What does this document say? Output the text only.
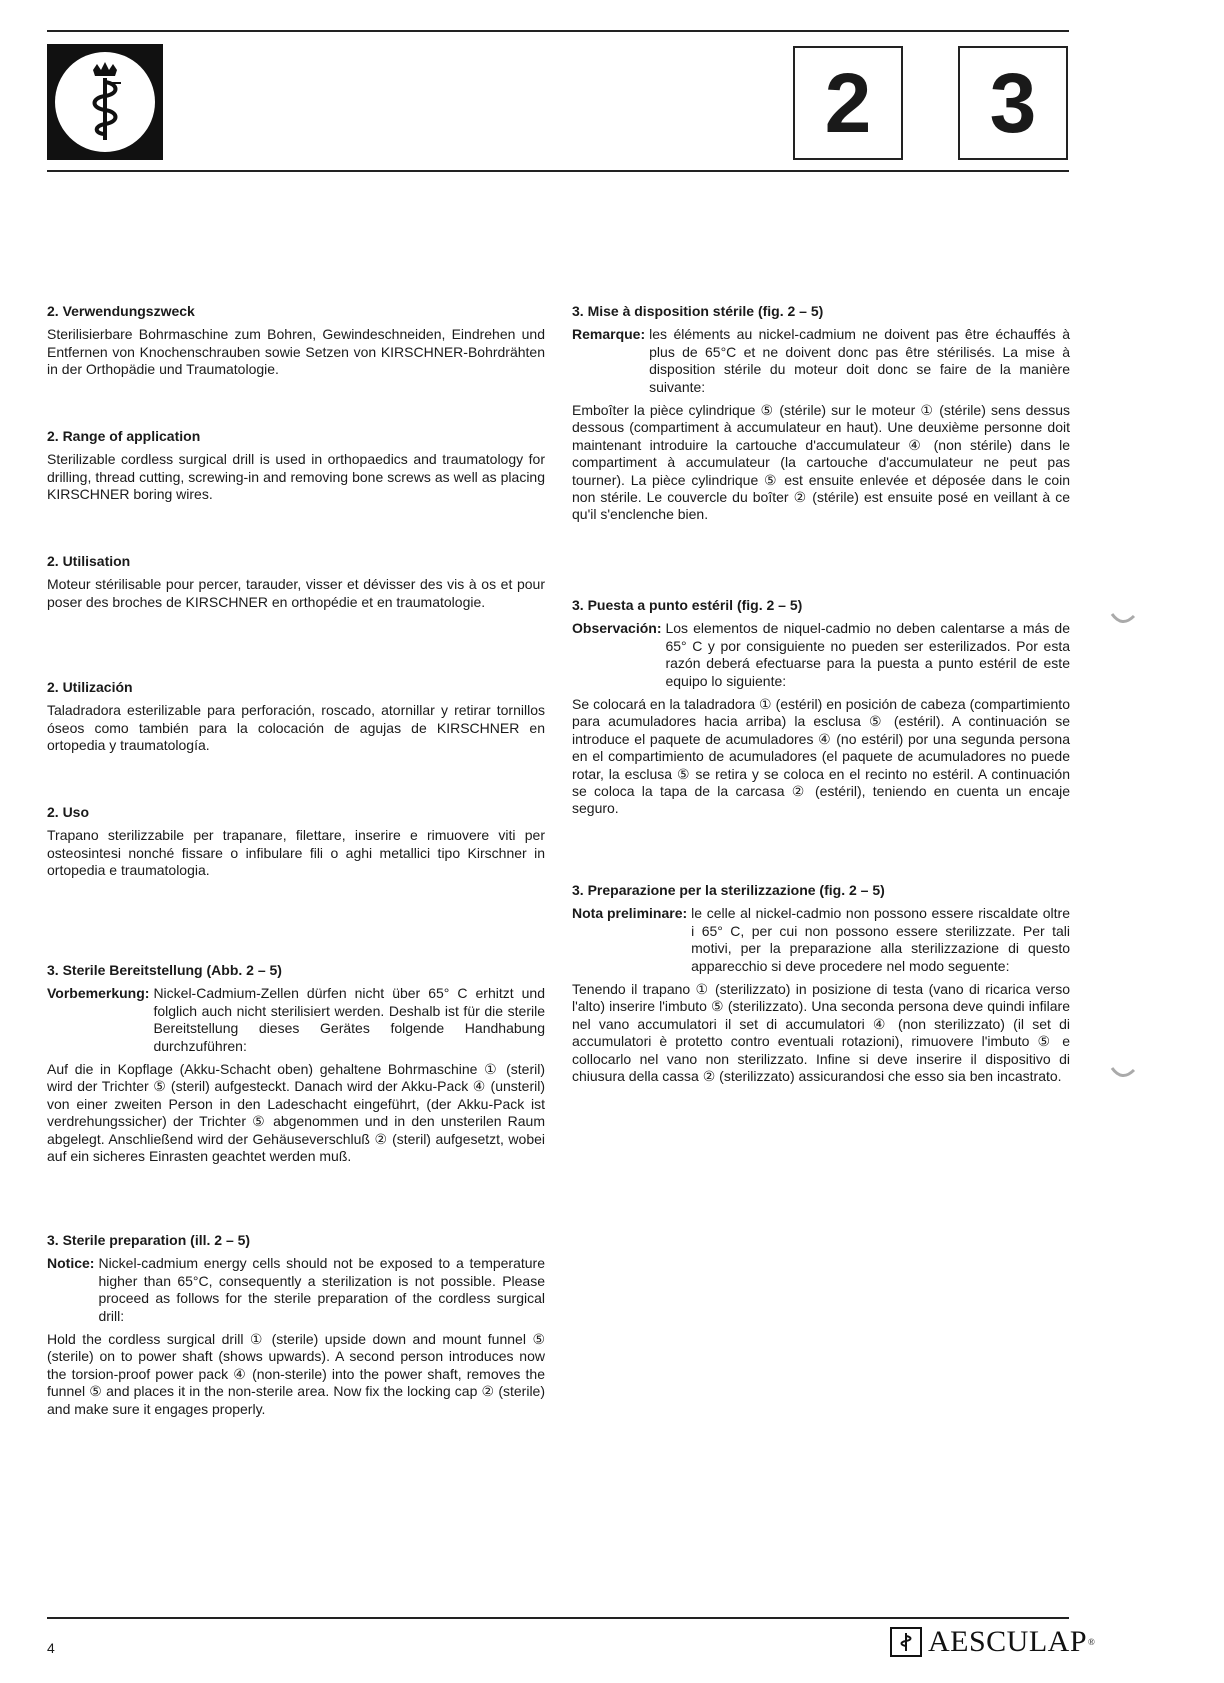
2	3
2. Verwendungszweck

Sterilisierbare Bohrmaschine zum Bohren, Gewindeschneiden, Eindrehen und Entfernen von Knochenschrauben sowie Setzen von KIRSCHNER-Bohrdrähten in der Orthopädie und Traumatologie.

2. Range of application

Sterilizable cordless surgical drill is used in orthopaedics and traumatology for drilling, thread cutting, screwing-in and removing bone screws as well as placing KIRSCHNER boring wires.

2. Utilisation

Moteur stérilisable pour percer, tarauder, visser et dévisser des vis à os et pour poser des broches de KIRSCHNER en orthopédie et en traumatologie.

2. Utilización

Taladradora esterilizable para perforación, roscado, atornillar y retirar tornillos óseos como también para la colocación de agujas de KIRSCHNER en ortopedia y traumatología.

2. Uso

Trapano sterilizzabile per trapanare, filettare, inserire e rimuovere viti per osteosintesi nonché fissare o infibulare fili o aghi metallici tipo Kirschner in ortopedia e traumatologia.

3. Sterile Bereitstellung (Abb. 2 – 5)
Vorbemerkung: Nickel-Cadmium-Zellen dürfen nicht über 65° C erhitzt und folglich auch nicht sterilisiert werden. Deshalb ist für die sterile Bereitstellung dieses Gerätes folgende Handhabung durchzuführen:

Auf die in Kopflage (Akku-Schacht oben) gehaltene Bohrmaschine ① (steril) wird der Trichter ⑤ (steril) aufgesteckt. Danach wird der Akku-Pack ④ (unsteril) von einer zweiten Person in den Ladeschacht eingeführt, (der Akku-Pack ist verdrehungssicher) der Trichter ⑤ abgenommen und in den unsterilen Raum abgelegt. Anschließend wird der Gehäuseverschluß ② (steril) aufgesetzt, wobei auf ein sicheres Einrasten geachtet werden muß.

3. Sterile preparation (ill. 2 – 5)
Notice: Nickel-cadmium energy cells should not be exposed to a temperature higher than 65°C, consequently a sterilization is not possible. Please proceed as follows for the sterile preparation of the cordless surgical drill:

Hold the cordless surgical drill ① (sterile) upside down and mount funnel ⑤ (sterile) on to power shaft (shows upwards). A second person introduces now the torsion-proof power pack ④ (non-sterile) into the power shaft, removes the funnel ⑤ and places it in the non-sterile area. Now fix the locking cap ② (sterile) and make sure it engages properly.

3. Mise à disposition stérile (fig. 2 – 5)
Remarque: les éléments au nickel-cadmium ne doivent pas être échauffés à plus de 65°C et ne doivent donc pas être stérilisés. La mise à disposition stérile du moteur doit donc se faire de la manière suivante:

Emboîter la pièce cylindrique ⑤ (stérile) sur le moteur ① (stérile) sens dessus dessous (compartiment à accumulateur en haut). Une deuxième personne doit maintenant introduire la cartouche d'accumulateur ④ (non stérile) dans le compartiment à accumulateur (la cartouche d'accumulateur ne peut pas tourner). La pièce cylindrique ⑤ est ensuite enlevée et déposée dans le coin non stérile. Le couvercle du boîter ② (stérile) est ensuite posé en veillant à ce qu'il s'enclenche bien.

3. Puesta a punto estéril (fig. 2 – 5)
Observación: Los elementos de niquel-cadmio no deben calentarse a más de 65° C y por consiguiente no pueden ser esterilizados. Por esta razón deberá efectuarse para la puesta a punto estéril de este equipo lo siguiente:

Se colocará en la taladradora ① (estéril) en posición de cabeza (compartimiento para acumuladores hacia arriba) la esclusa ⑤ (estéril). A continuación se introduce el paquete de acumuladores ④ (no estéril) por una segunda persona en el compartimiento de acumuladores (el paquete de acumuladores no puede rotar, la esclusa ⑤ se retira y se coloca en el recinto no estéril. A continuación se coloca la tapa de la carcasa ② (estéril), teniendo en cuenta un encaje seguro.

3. Preparazione per la sterilizzazione (fig. 2 – 5)
Nota preliminare: le celle al nickel-cadmio non possono essere riscaldate oltre i 65° C, per cui non possono essere sterilizzate. Per tali motivi, per la preparazione alla sterilizzazione di questo apparecchio si deve procedere nel modo seguente:

Tenendo il trapano ① (sterilizzato) in posizione di testa (vano di ricarica verso l'alto) inserire l'imbuto ⑤ (sterilizzato). Una seconda persona deve quindi infilare nel vano accumulatori il set di accumulatori ④ (non sterilizzato) (il set di accumulatori è protetto contro eventuali rotazioni), rimuovere l'imbuto ⑤ e collocarlo nel vano non sterilizzato. Infine si deve inserire il dispositivo di chiusura della cassa ② (sterilizzato) assicurandosi che esso sia ben incastrato.

4	AESCULAP ®
